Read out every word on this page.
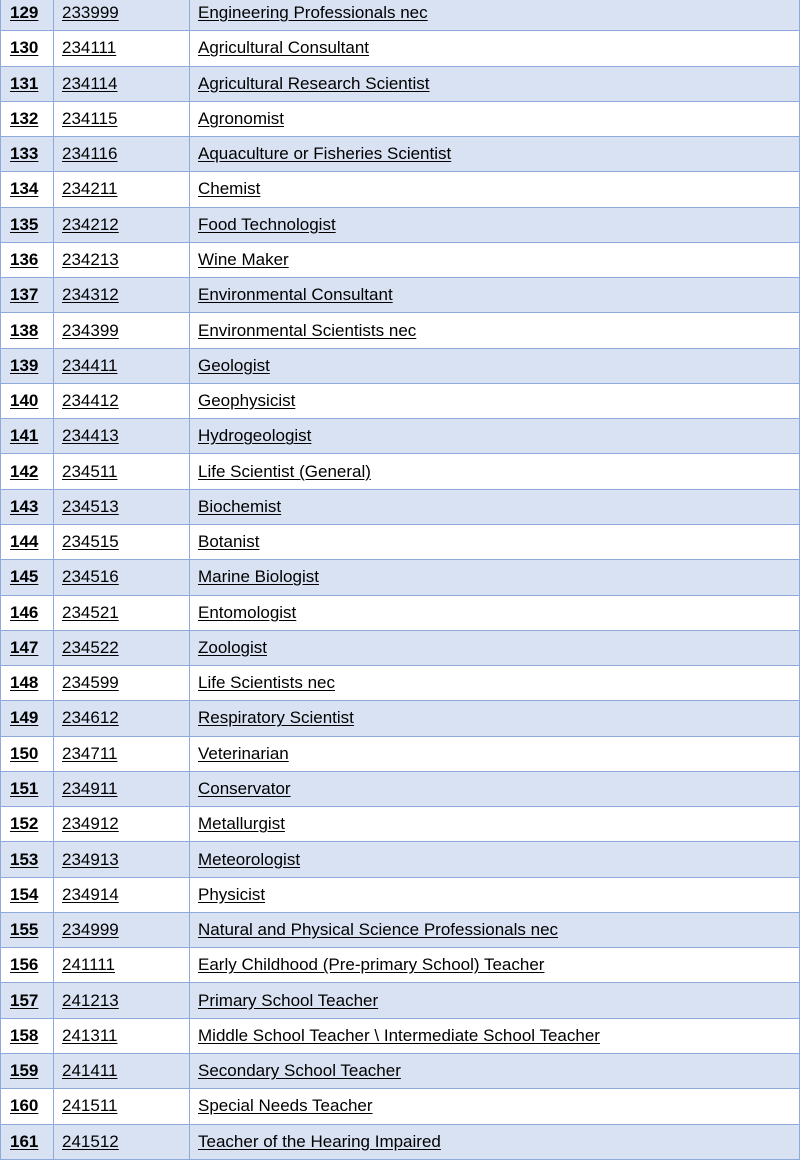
129	233999	Engineering Professionals nec
130	234111	Agricultural Consultant
131	234114	Agricultural Research Scientist
132	234115	Agronomist
133	234116	Aquaculture or Fisheries Scientist
134	234211	Chemist
135	234212	Food Technologist
136	234213	Wine Maker
137	234312	Environmental Consultant
138	234399	Environmental Scientists nec
139	234411	Geologist
140	234412	Geophysicist
141	234413	Hydrogeologist
142	234511	Life Scientist (General)
143	234513	Biochemist
144	234515	Botanist
145	234516	Marine Biologist
146	234521	Entomologist
147	234522	Zoologist
148	234599	Life Scientists nec
149	234612	Respiratory Scientist
150	234711	Veterinarian
151	234911	Conservator
152	234912	Metallurgist
153	234913	Meteorologist
154	234914	Physicist
155	234999	Natural and Physical Science Professionals nec
156	241111	Early Childhood (Pre-primary School) Teacher
157	241213	Primary School Teacher
158	241311	Middle School Teacher \ Intermediate School Teacher
159	241411	Secondary School Teacher
160	241511	Special Needs Teacher
161	241512	Teacher of the Hearing Impaired
